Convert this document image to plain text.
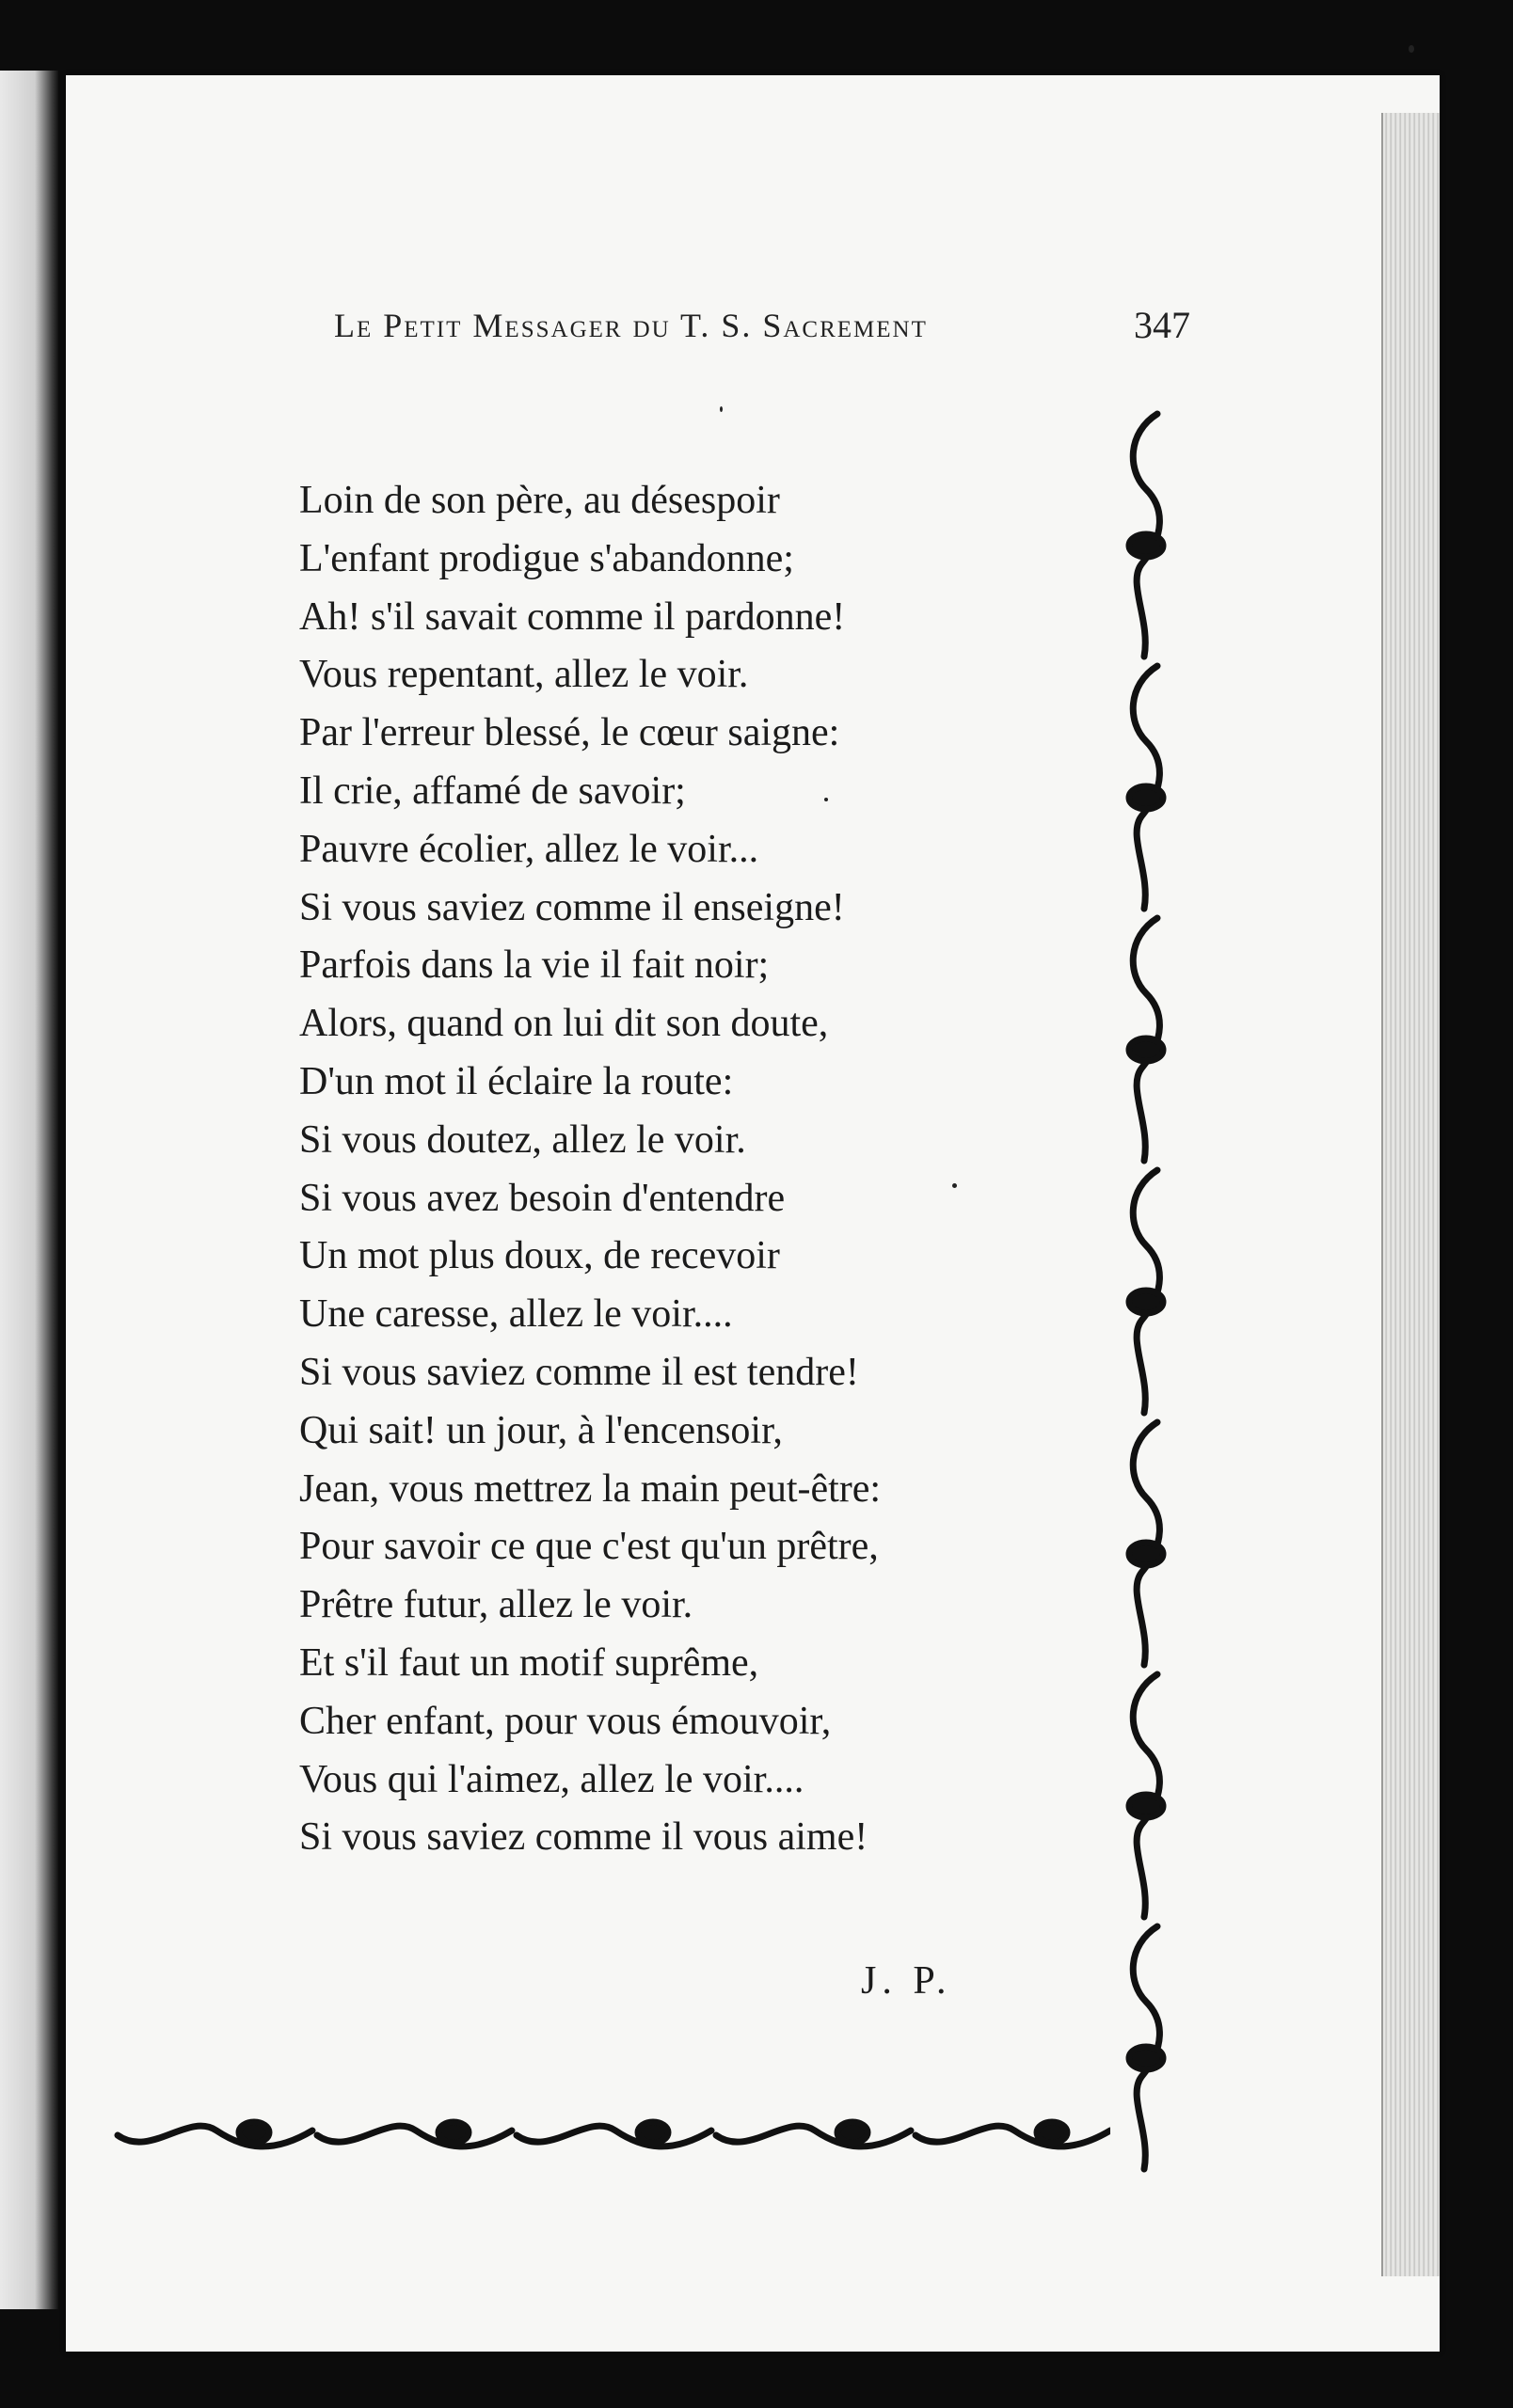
Le Petit Messager du T. S. Sacrement	347
Loin de son père, au désespoir
L'enfant prodigue s'abandonne;
Ah! s'il savait comme il pardonne!
Vous repentant, allez le voir.
Par l'erreur blessé, le cœur saigne:
Il crie, affamé de savoir;
Pauvre écolier, allez le voir...
Si vous saviez comme il enseigne!
Parfois dans la vie il fait noir;
Alors, quand on lui dit son doute,
D'un mot il éclaire la route:
Si vous doutez, allez le voir.
Si vous avez besoin d'entendre
Un mot plus doux, de recevoir
Une caresse, allez le voir....
Si vous saviez comme il est tendre!
Qui sait! un jour, à l'encensoir,
Jean, vous mettrez la main peut-être:
Pour savoir ce que c'est qu'un prêtre,
Prêtre futur, allez le voir.
Et s'il faut un motif suprême,
Cher enfant, pour vous émouvoir,
Vous qui l'aimez, allez le voir....
Si vous saviez comme il vous aime!
J. P.
